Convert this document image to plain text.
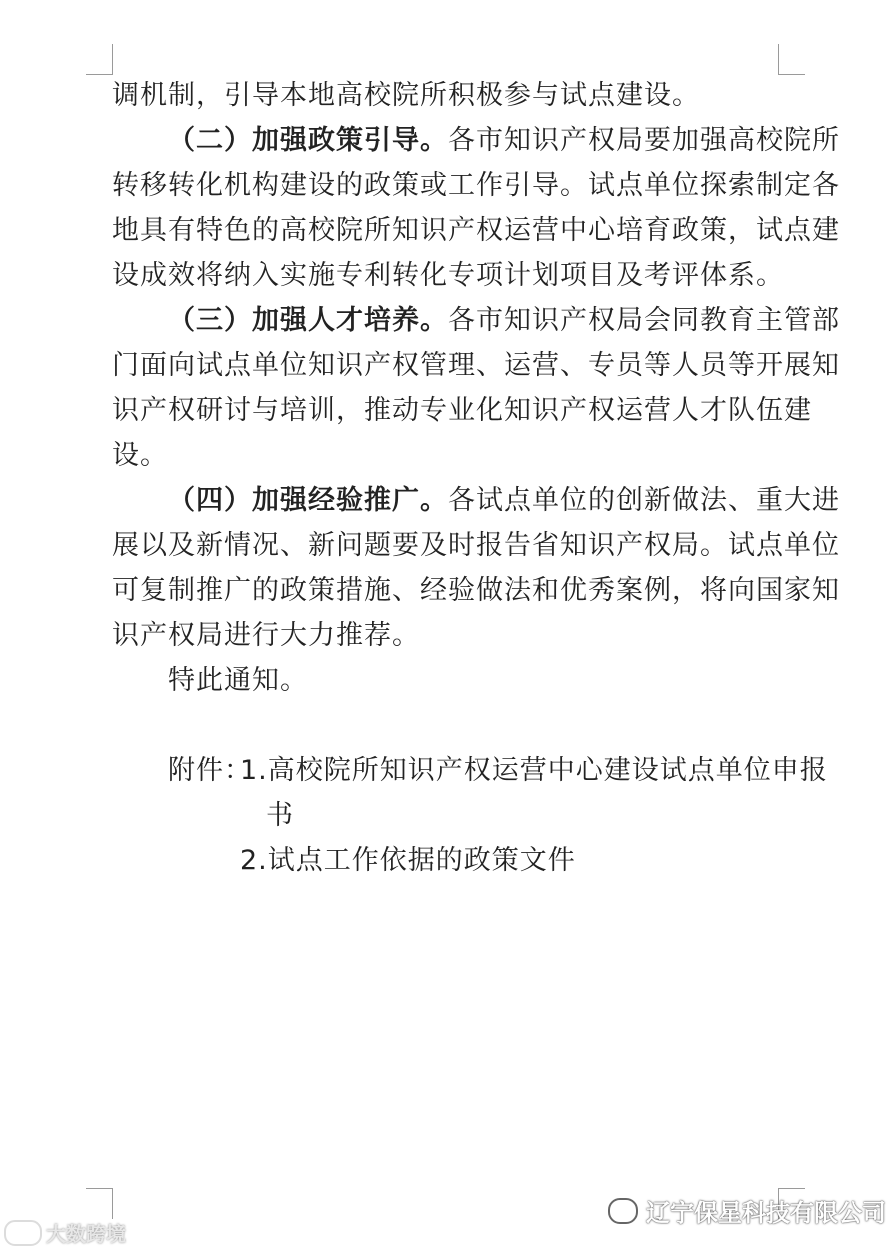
调机制，引导本地高校院所积极参与试点建设。
（二）加强政策引导。各市知识产权局要加强高校院所
转移转化机构建设的政策或工作引导。试点单位探索制定各
地具有特色的高校院所知识产权运营中心培育政策，试点建
设成效将纳入实施专利转化专项计划项目及考评体系。
（三）加强人才培养。各市知识产权局会同教育主管部
门面向试点单位知识产权管理、运营、专员等人员等开展知
识产权研讨与培训，推动专业化知识产权运营人才队伍建
设。
（四）加强经验推广。各试点单位的创新做法、重大进
展以及新情况、新问题要及时报告省知识产权局。试点单位
可复制推广的政策措施、经验做法和优秀案例，将向国家知
识产权局进行大力推荐。
特此通知。
附件：
1.高校院所知识产权运营中心建设试点单位申报
书
2.试点工作依据的政策文件
大数跨境
辽宁保星科技有限公司
